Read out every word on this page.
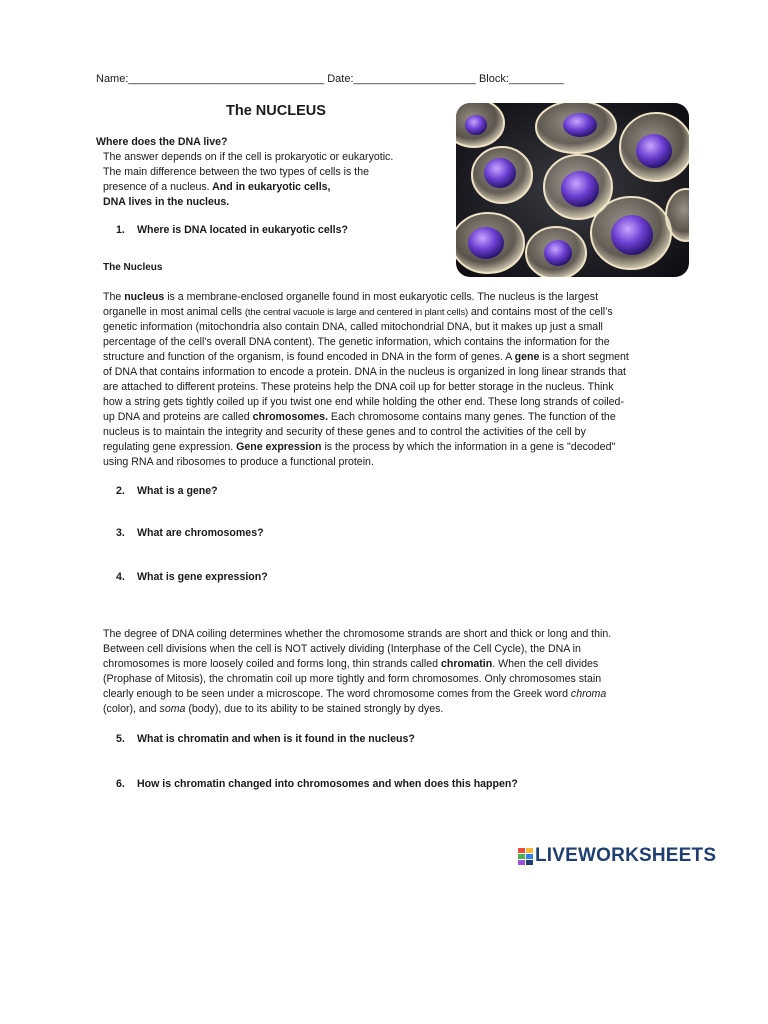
Name:________________________________ Date:____________________ Block:_________
The NUCLEUS
Where does the DNA live?
The answer depends on if the cell is prokaryotic or eukaryotic.
The main difference between the two types of cells is the
presence of a nucleus. And in eukaryotic cells,
DNA lives in the nucleus.
1. Where is DNA located in eukaryotic cells?
The Nucleus
The nucleus is a membrane-enclosed organelle found in most eukaryotic cells. The nucleus is the largest
organelle in most animal cells (the central vacuole is large and centered in plant cells) and contains most of the cell’s
genetic information (mitochondria also contain DNA, called mitochondrial DNA, but it makes up just a small
percentage of the cell’s overall DNA content). The genetic information, which contains the information for the
structure and function of the organism, is found encoded in DNA in the form of genes. A gene is a short segment
of DNA that contains information to encode a protein. DNA in the nucleus is organized in long linear strands that
are attached to different proteins. These proteins help the DNA coil up for better storage in the nucleus. Think
how a string gets tightly coiled up if you twist one end while holding the other end. These long strands of coiled-
up DNA and proteins are called chromosomes. Each chromosome contains many genes. The function of the
nucleus is to maintain the integrity and security of these genes and to control the activities of the cell by
regulating gene expression. Gene expression is the process by which the information in a gene is "decoded"
using RNA and ribosomes to produce a functional protein.
2. What is a gene?
3. What are chromosomes?
4. What is gene expression?
The degree of DNA coiling determines whether the chromosome strands are short and thick or long and thin.
Between cell divisions when the cell is NOT actively dividing (Interphase of the Cell Cycle), the DNA in
chromosomes is more loosely coiled and forms long, thin strands called chromatin. When the cell divides
(Prophase of Mitosis), the chromatin coil up more tightly and form chromosomes. Only chromosomes stain
clearly enough to be seen under a microscope. The word chromosome comes from the Greek word chroma
(color), and soma (body), due to its ability to be stained strongly by dyes.
5. What is chromatin and when is it found in the nucleus?
6. How is chromatin changed into chromosomes and when does this happen?
LIVEWORKSHEETS
